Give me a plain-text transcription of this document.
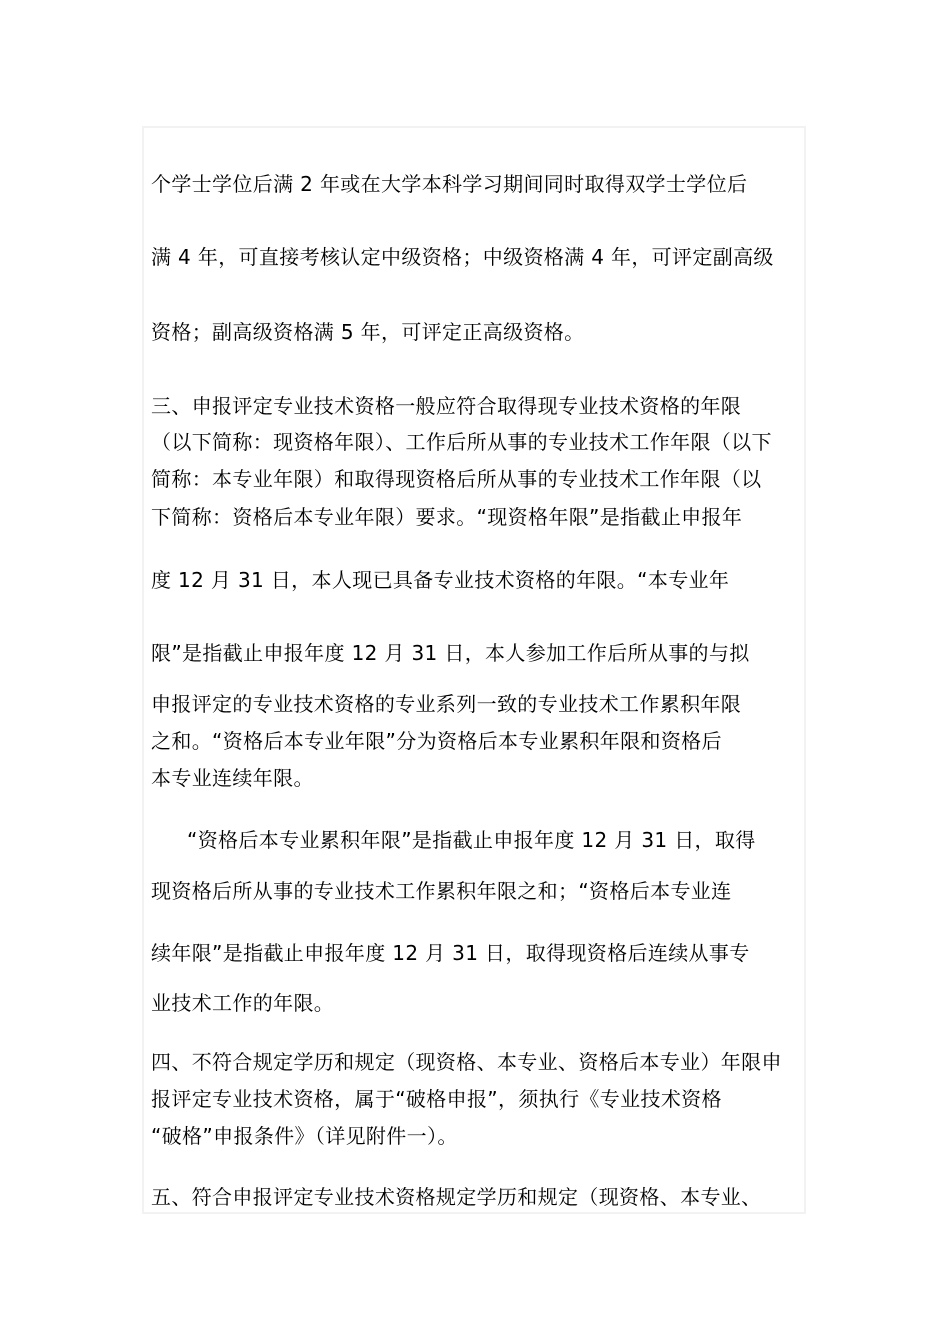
个学士学位后满 2 年或在大学本科学习期间同时取得双学士学位后
满 4 年，可直接考核认定中级资格；中级资格满 4 年，可评定副高级
资格；副高级资格满 5 年，可评定正高级资格。
三、申报评定专业技术资格一般应符合取得现专业技术资格的年限
（以下简称：现资格年限）、工作后所从事的专业技术工作年限（以下
简称：本专业年限）和取得现资格后所从事的专业技术工作年限（以
下简称：资格后本专业年限）要求。“现资格年限”是指截止申报年
度 12 月 31 日，本人现已具备专业技术资格的年限。“本专业年
限”是指截止申报年度 12 月 31 日，本人参加工作后所从事的与拟
申报评定的专业技术资格的专业系列一致的专业技术工作累积年限
之和。“资格后本专业年限”分为资格后本专业累积年限和资格后
本专业连续年限。
“资格后本专业累积年限”是指截止申报年度 12 月 31 日，取得
现资格后所从事的专业技术工作累积年限之和；“资格后本专业连
续年限”是指截止申报年度 12 月 31 日，取得现资格后连续从事专
业技术工作的年限。
四、不符合规定学历和规定（现资格、本专业、资格后本专业）年限申
报评定专业技术资格，属于“破格申报”，须执行《专业技术资格
“破格”申报条件》（详见附件一）。
五、符合申报评定专业技术资格规定学历和规定（现资格、本专业、
